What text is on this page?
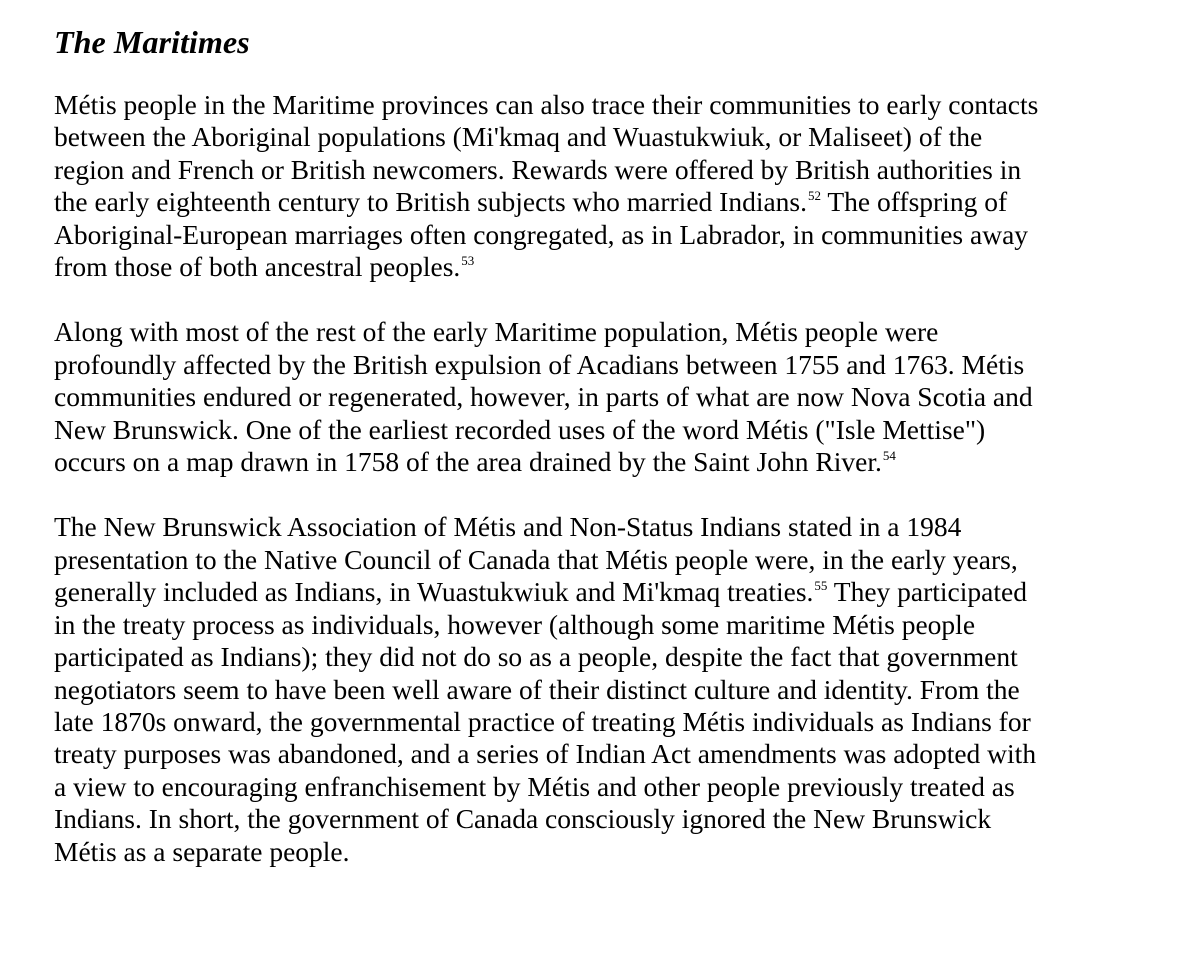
The Maritimes

Métis people in the Maritime provinces can also trace their communities to early contacts
between the Aboriginal populations (Mi'kmaq and Wuastukwiuk, or Maliseet) of the
region and French or British newcomers. Rewards were offered by British authorities in
the early eighteenth century to British subjects who married Indians.$^{52}$ The offspring of
Aboriginal-European marriages often congregated, as in Labrador, in communities away
from those of both ancestral peoples.$^{53}$

Along with most of the rest of the early Maritime population, Métis people were
profoundly affected by the British expulsion of Acadians between 1755 and 1763. Métis
communities endured or regenerated, however, in parts of what are now Nova Scotia and
New Brunswick. One of the earliest recorded uses of the word Métis ("Isle Mettise")
occurs on a map drawn in 1758 of the area drained by the Saint John River.$^{54}$

The New Brunswick Association of Métis and Non-Status Indians stated in a 1984
presentation to the Native Council of Canada that Métis people were, in the early years,
generally included as Indians, in Wuastukwiuk and Mi'kmaq treaties.$^{55}$ They participated
in the treaty process as individuals, however (although some maritime Métis people
participated as Indians); they did not do so as a people, despite the fact that government
negotiators seem to have been well aware of their distinct culture and identity. From the
late 1870s onward, the governmental practice of treating Métis individuals as Indians for
treaty purposes was abandoned, and a series of Indian Act amendments was adopted with
a view to encouraging enfranchisement by Métis and other people previously treated as
Indians. In short, the government of Canada consciously ignored the New Brunswick
Métis as a separate people.
